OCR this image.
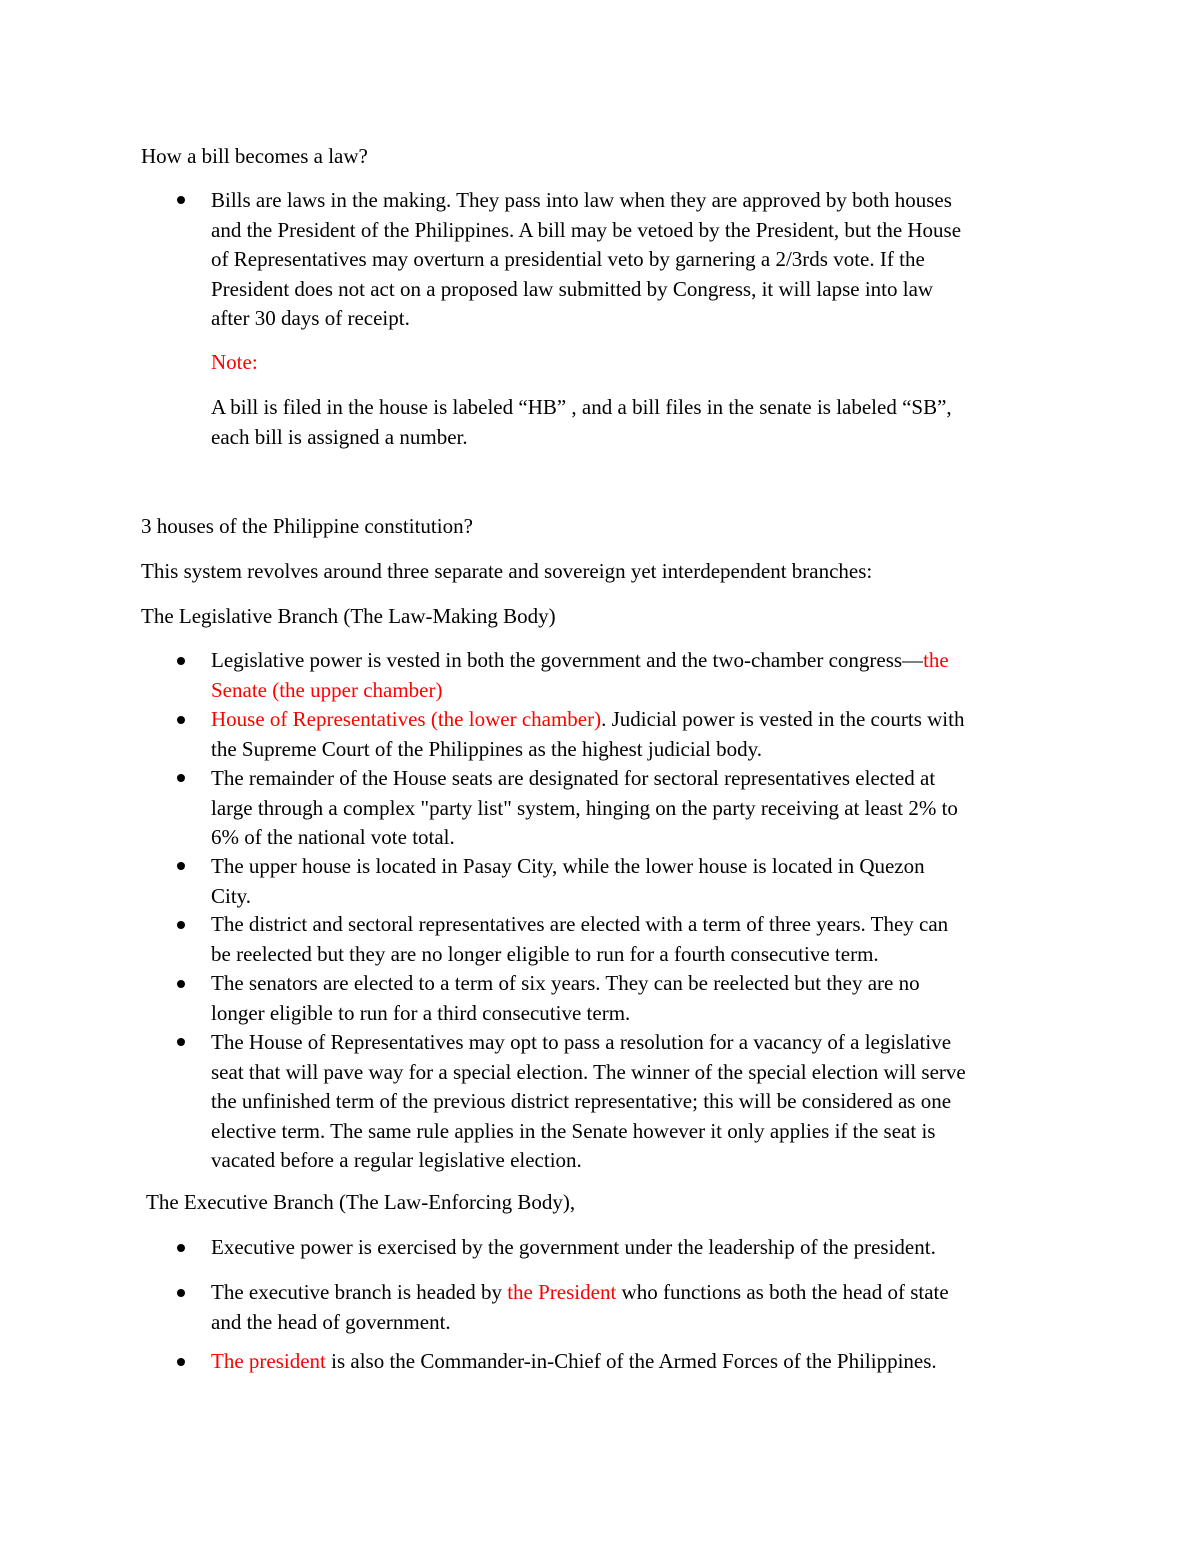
How a bill becomes a law?
Bills are laws in the making. They pass into law when they are approved by both houses
and the President of the Philippines. A bill may be vetoed by the President, but the House
of Representatives may overturn a presidential veto by garnering a 2/3rds vote. If the
President does not act on a proposed law submitted by Congress, it will lapse into law
after 30 days of receipt.
Note:
A bill is filed in the house is labeled “HB” , and a bill files in the senate is labeled “SB”,
each bill is assigned a number.
3 houses of the Philippine constitution?
This system revolves around three separate and sovereign yet interdependent branches:
The Legislative Branch (The Law-Making Body)
Legislative power is vested in both the government and the two-chamber congress—the
Senate (the upper chamber)
House of Representatives (the lower chamber). Judicial power is vested in the courts with
the Supreme Court of the Philippines as the highest judicial body.
The remainder of the House seats are designated for sectoral representatives elected at
large through a complex "party list" system, hinging on the party receiving at least 2% to
6% of the national vote total.
The upper house is located in Pasay City, while the lower house is located in Quezon
City.
The district and sectoral representatives are elected with a term of three years. They can
be reelected but they are no longer eligible to run for a fourth consecutive term.
The senators are elected to a term of six years. They can be reelected but they are no
longer eligible to run for a third consecutive term.
The House of Representatives may opt to pass a resolution for a vacancy of a legislative
seat that will pave way for a special election. The winner of the special election will serve
the unfinished term of the previous district representative; this will be considered as one
elective term. The same rule applies in the Senate however it only applies if the seat is
vacated before a regular legislative election.
The Executive Branch (The Law-Enforcing Body),
Executive power is exercised by the government under the leadership of the president.
The executive branch is headed by the President who functions as both the head of state
and the head of government.
The president is also the Commander-in-Chief of the Armed Forces of the Philippines.
